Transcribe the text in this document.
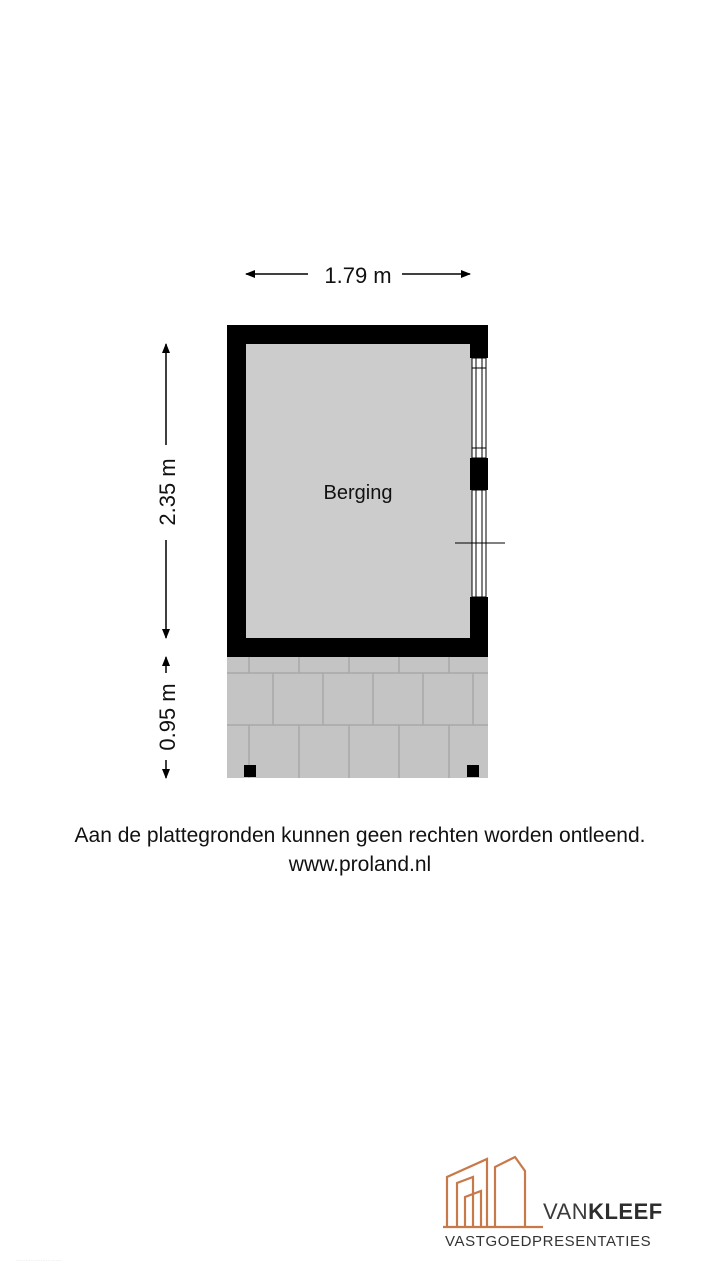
Berging
1.79 m
2.35 m
0.95 m
Aan de plattegronden kunnen geen rechten worden ontleend.
www.proland.nl
VANKLEEF
VASTGOEDPRESENTATIES
. . . . . . . . . . . . . . . . . . . . . . . . . . . .
